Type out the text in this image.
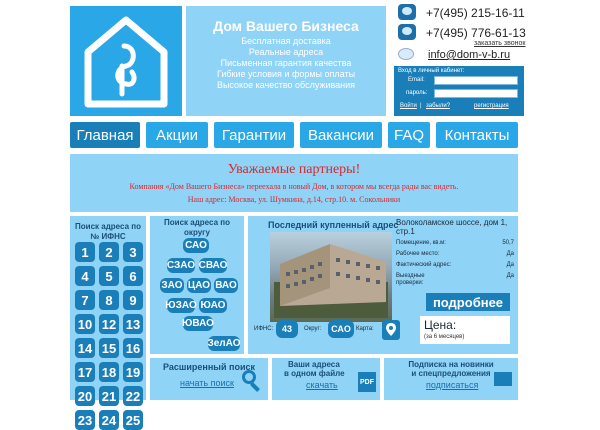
Дом Вашего Бизнеса
Бесплатная доставка
Реальные адреса
Письменная гарантия качества
Гибкие условия и формы оплаты
Высокое качество обслуживания
+7(495) 215-16-11
+7(495) 776-61-13
заказать звонок
info@dom-v-b.ru
Вход в личный кабинет:
Email:
пароль:
Войти | забыли?	регистрация
Главная	Акции	Гарантии	Вакансии	FAQ	Контакты
Уважаемые партнеры!
Компания «Дом Вашего Бизнеса» переехала в новый Дом, в котором мы всегда рады вас видеть.
Наш адрес: Москва, ул. Шумкина, д.14, стр.10. м. Сокольники
Поиск адреса по № ИФНС
1	2	3
4	5	6
7	8	9
10 12 13
14 15 16
17 18 19
20 21 22
23 24 25
Поиск адреса по округу
САО
СЗАО СВАО
ЗАО ЦАО ВАО
ЮЗАО ЮАО
ЮВАО
ЗелАО
Последний купленный адрес
Волоколамское шоссе, дом 1, стр.1
Помещение, кв.м:	50,7
Рабочее место:	Да
Фактический адрес:	Да
Выездные проверки:
Да
подробнее
Цена:
(за 6 месяцев)
ИФНС: 43	Округ:	САО Карта:
Расширенный поиск
начать поиск
Ваши адреса
в одном файле
скачать	PDF
Подписка на новинки
и спецпредложения
подписаться
